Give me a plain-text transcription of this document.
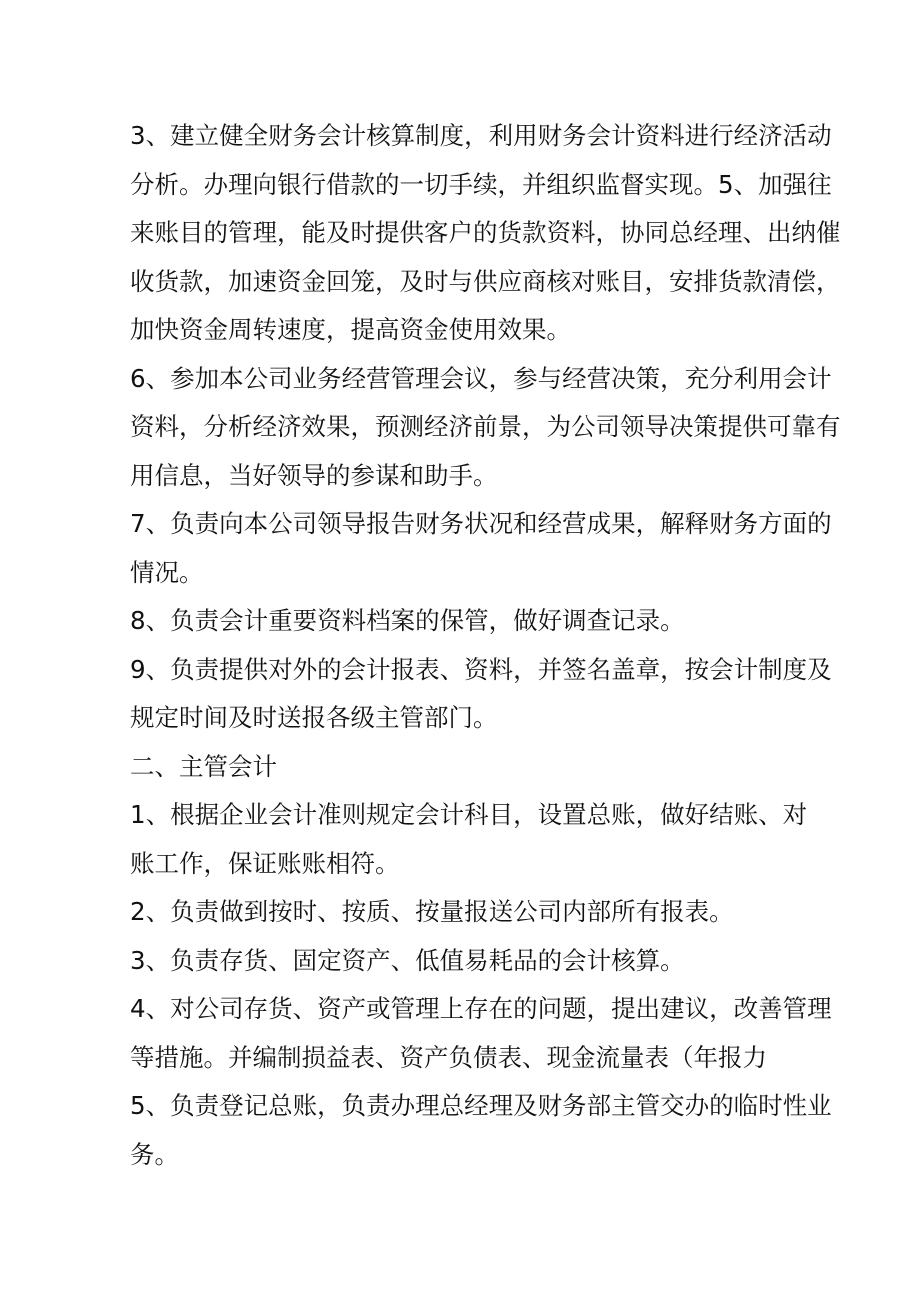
3、建立健全财务会计核算制度，利用财务会计资料进行经济活动
分析。办理向银行借款的一切手续，并组织监督实现。5、加强往
来账目的管理，能及时提供客户的货款资料，协同总经理、出纳催
收货款，加速资金回笼，及时与供应商核对账目，安排货款清偿，
加快资金周转速度，提高资金使用效果。

6、参加本公司业务经营管理会议，参与经营决策，充分利用会计
资料，分析经济效果，预测经济前景，为公司领导决策提供可靠有
用信息，当好领导的参谋和助手。

7、负责向本公司领导报告财务状况和经营成果，解释财务方面的
情况。

8、负责会计重要资料档案的保管，做好调查记录。

9、负责提供对外的会计报表、资料，并签名盖章，按会计制度及
规定时间及时送报各级主管部门。

二、主管会计

1、根据企业会计准则规定会计科目，设置总账，做好结账、对
账工作，保证账账相符。

2、负责做到按时、按质、按量报送公司内部所有报表。

3、负责存货、固定资产、低值易耗品的会计核算。

4、对公司存货、资产或管理上存在的问题，提出建议，改善管理
等措施。并编制损益表、资产负债表、现金流量表（年报力

5、负责登记总账，负责办理总经理及财务部主管交办的临时性业
务。
